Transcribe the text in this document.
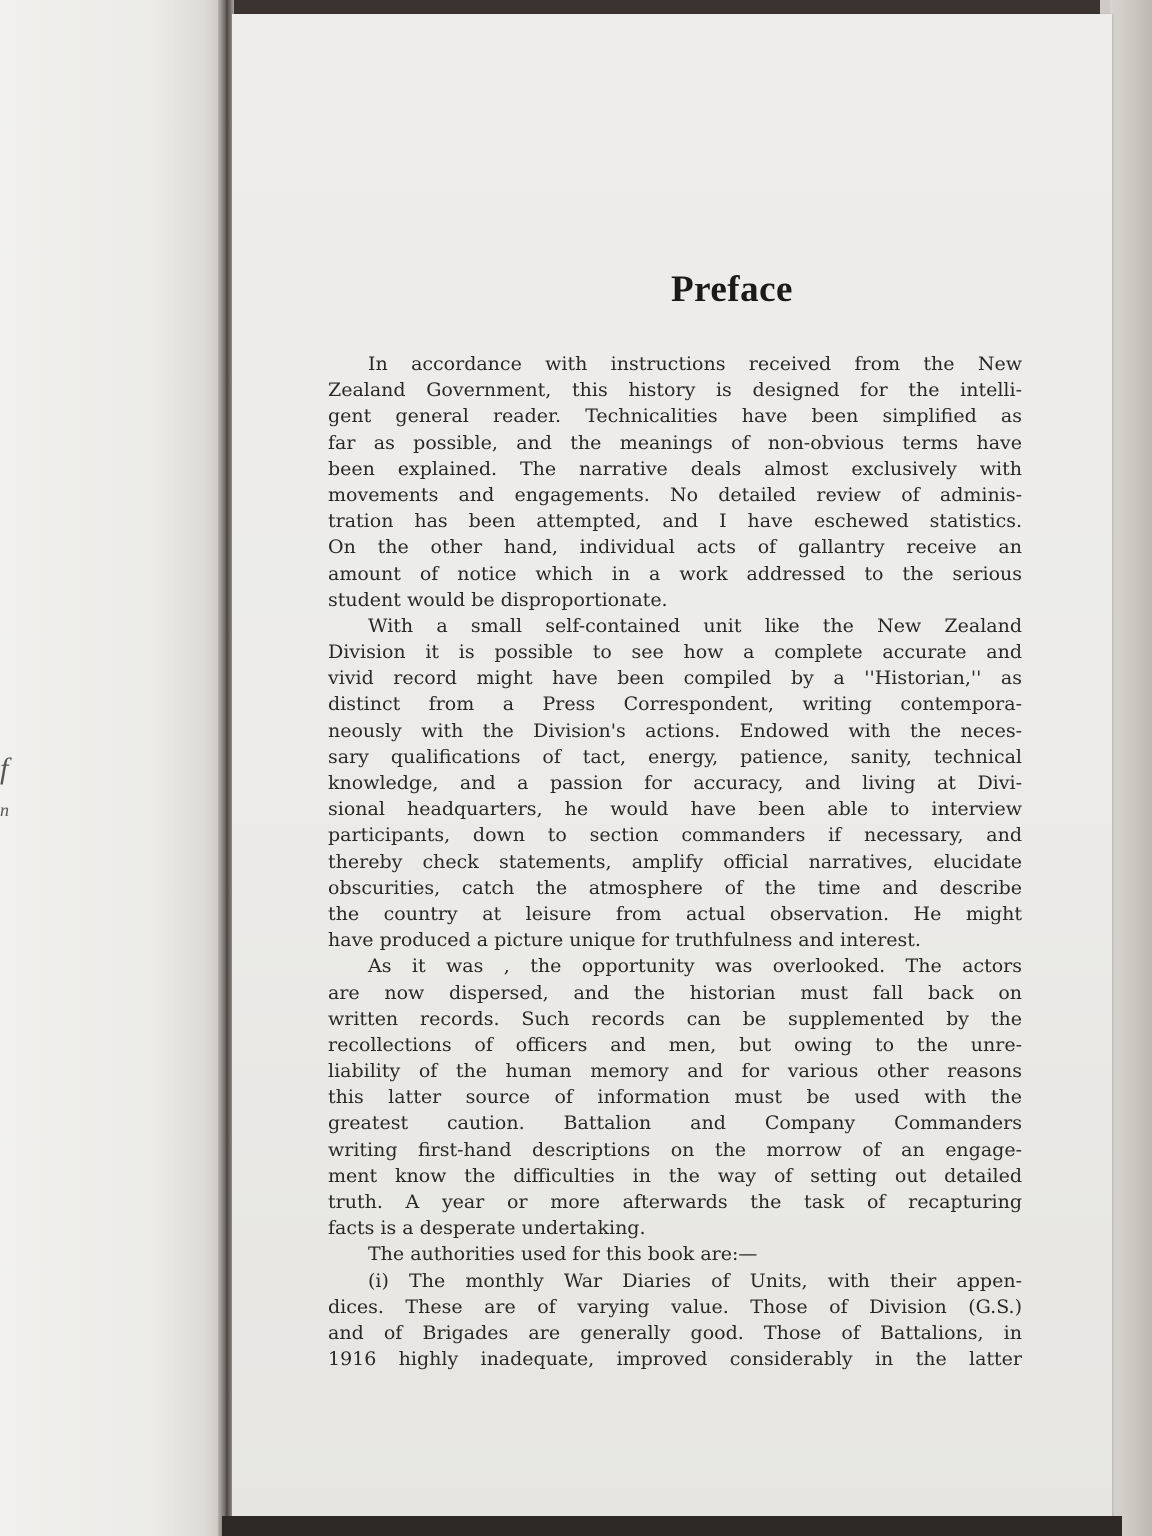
f
n
Preface
In accordance with instructions received from the New
Zealand Government, this history is designed for the intelli-
gent general reader. Technicalities have been simplified as
far as possible, and the meanings of non-obvious terms have
been explained. The narrative deals almost exclusively with
movements and engagements. No detailed review of adminis-
tration has been attempted, and I have eschewed statistics.
On the other hand, individual acts of gallantry receive an
amount of notice which in a work addressed to the serious
student would be disproportionate.
With a small self-contained unit like the New Zealand
Division it is possible to see how a complete accurate and
vivid record might have been compiled by a ''Historian,'' as
distinct from a Press Correspondent, writing contempora-
neously with the Division's actions. Endowed with the neces-
sary qualifications of tact, energy, patience, sanity, technical
knowledge, and a passion for accuracy, and living at Divi-
sional headquarters, he would have been able to interview
participants, down to section commanders if necessary, and
thereby check statements, amplify official narratives, elucidate
obscurities, catch the atmosphere of the time and describe
the country at leisure from actual observation. He might
have produced a picture unique for truthfulness and interest.
As it was , the opportunity was overlooked. The actors
are now dispersed, and the historian must fall back on
written records. Such records can be supplemented by the
recollections of officers and men, but owing to the unre-
liability of the human memory and for various other reasons
this latter source of information must be used with the
greatest caution. Battalion and Company Commanders
writing first-hand descriptions on the morrow of an engage-
ment know the difficulties in the way of setting out detailed
truth. A year or more afterwards the task of recapturing
facts is a desperate undertaking.
The authorities used for this book are:—
(i) The monthly War Diaries of Units, with their appen-
dices. These are of varying value. Those of Division (G.S.)
and of Brigades are generally good. Those of Battalions, in
1916 highly inadequate, improved considerably in the latter
